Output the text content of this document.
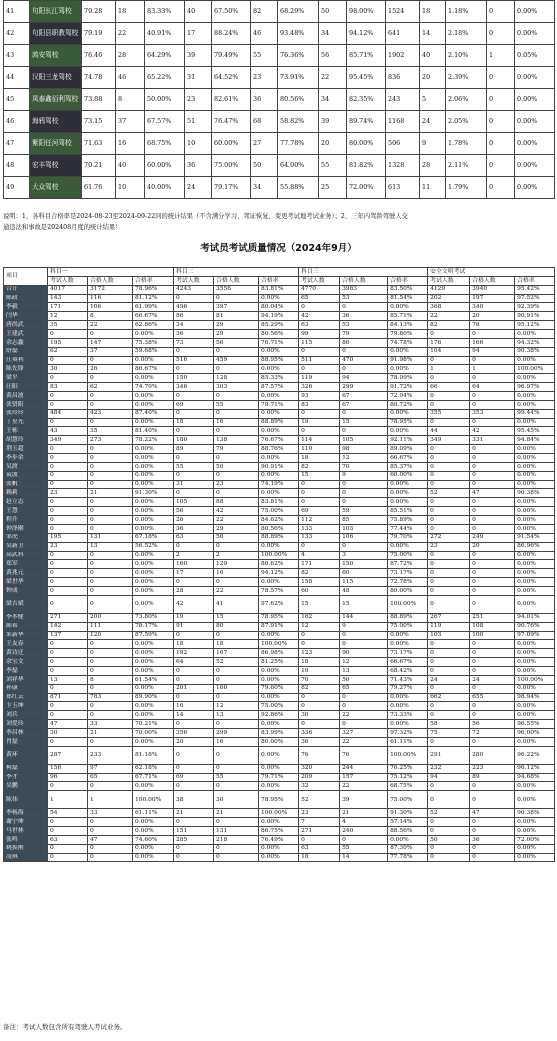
41	句阳长江驾校	79.28	18	83.33%	40	67.50%	82	68.29%	50	98.00%	1524	18	1.18%	0	0.00%
42	句阳县职教驾校	79.19	22	40.91%	17	88.24%	46	93.48%	34	94.12%	641	14	2.18%	0	0.00%
43	鸿安驾校	76.46	28	64.29%	39	79.49%	55	76.36%	56	85.71%	1902	40	2.10%	1	0.05%
44	汉阳三龙驾校	74.78	46	65.22%	31	64.52%	23	73.91%	22	95.45%	836	20	2.39%	0	0.00%
45	凤泰鑫佰利驾校	73.88	8	50.00%	23	82.61%	36	80.56%	34	82.35%	243	5	2.06%	0	0.00%
46	海鸦驾校	73.15	37	67.57%	51	76.47%	68	58.82%	39	89.74%	1168	24	2.05%	0	0.00%
47	紫阳任河驾校	71.63	16	68.75%	10	60.00%	27	77.78%	20	80.00%	506	9	1.78%	0	0.00%
48	宏丰驾校	70.21	40	60.00%	36	75.00%	50	64.00%	55	81.82%	1328	28	2.11%	0	0.00%
49	大众驾校	61.76	10	40.00%	24	79.17%	34	55.88%	25	72.00%	613	11	1.79%	0	0.00%
说明：1、各科目合格率是2024-08-23至2024-09-22同的统计结果（不含满分学习、驾证恢复、变更考试地考试业务）；2、三年内驾龄驾驶人交
通违法和事故是202408月度的统计结果！
考试员考试质量情况（2024年9月）
项目	科目一			科目二			科目三			安全文明考试		
	考试人数	合格人数	合格率	考试人数	合格人数	合格率	考试人数	合格人数	合格率	考试人数	合格人数	合格率
合计	4017	3172	78.96%	4243	3556	83.81%	4770	3983	83.50%	4129	3940	95.42%
陈政	143	116	81.12%	0	0	0.00%	65	53	81.54%	202	197	97.52%
李毅	171	106	61.99%	496	397	80.04%	0	0	0.00%	368	340	92.39%
闫华	12	8	66.67%	86	81	94.19%	42	36	85.71%	22	20	90.91%
唐尚武	35	22	62.86%	34	29	85.29%	63	53	84.13%	82	78	95.12%
王建武	0	0	0.00%	36	29	80.56%	99	79	79.80%	0	0	0.00%
余志鑫	195	147	75.38%	73	56	76.71%	115	86	74.78%	176	166	94.32%
舒磊	62	37	59.68%	0	0	0.00%	0	0	0.00%	104	94	90.38%
汪葵利	0	0	0.00%	516	459	88.95%	511	470	91.98%	0	0	0.00%
陈先锋	30	26	86.67%	0	0	0.00%	0	0	0.00%	1	1	100.00%
梁平	0	0	0.00%	150	128	85.33%	119	94	78.99%	0	0	0.00%
汪阳	83	62	74.70%	346	303	87.57%	326	299	91.72%	66	64	96.97%
黄昌波	0	0	0.00%	0	0	0.00%	93	67	72.04%	0	0	0.00%
张贤阳	0	0	0.00%	69	55	79.71%	83	67	80.72%	0	0	0.00%
张玲玲	484	423	87.40%	0	0	0.00%	0	0	0.00%	355	353	99.44%
丁星光	0	0	0.00%	18	16	88.89%	19	15	78.95%	0	0	0.00%
王栋	43	35	81.40%	0	0	0.00%	0	0	0.00%	44	42	95.45%
胡慧玲	349	273	78.22%	180	138	76.67%	114	105	92.11%	349	331	94.84%
荆玉超	0	0	0.00%	89	79	88.76%	110	98	89.09%	0	0	0.00%
李步余	0	0	0.00%	0	0	0.00%	18	12	66.67%	0	0	0.00%
吴渡	0	0	0.00%	55	50	90.91%	82	70	85.37%	0	0	0.00%
袁波	0	0	0.00%	0	0	0.00%	15	9	60.00%	0	0	0.00%
张帆	0	0	0.00%	31	23	74.19%	0	0	0.00%	0	0	0.00%
赖莉	23	21	91.30%	0	0	0.00%	0	0	0.00%	52	47	90.38%
赵立志	0	0	0.00%	105	88	83.81%	0	0	0.00%	0	0	0.00%
王慧	0	0	0.00%	56	42	75.00%	69	59	85.51%	0	0	0.00%
程升	0	0	0.00%	26	22	84.62%	112	85	75.89%	0	0	0.00%
钟泽刚	0	0	0.00%	36	29	80.56%	133	103	77.44%	0	0	0.00%
邹虎	195	131	67.18%	63	56	88.89%	133	106	79.70%	272	249	91.54%
吴新卫	23	13	56.52%	0	0	0.00%	0	0	0.00%	23	20	86.96%
高武科	0	0	0.00%	2	2	100.00%	4	3	75.00%	0	0	0.00%
郑军	0	0	0.00%	160	129	80.62%	171	150	87.72%	0	0	0.00%
黄兆元	0	0	0.00%	17	16	94.12%	82	60	73.17%	0	0	0.00%
梁世华	0	0	0.00%	0	0	0.00%	158	115	72.78%	0	0	0.00%
钟成	0	0	0.00%	28	22	78.57%	60	48	80.00%	0	0	0.00%
梁吉斌	0	0	0.00%	42	41	97.62%	15	15	100.00%	0	0	0.00%
李本健	271	200	73.80%	19	15	78.95%	162	144	88.89%	267	251	94.01%
陈希	142	111	78.17%	91	80	87.91%	12	9	75.00%	119	108	90.76%
朱新华	137	120	87.59%	0	0	0.00%	0	0	0.00%	103	100	97.09%
王友春	0	0	0.00%	18	18	100.00%	0	0	0.00%	0	0	0.00%
黄诗迁	0	0	0.00%	192	167	86.98%	123	90	73.17%	0	0	0.00%
余宝文	0	0	0.00%	64	52	81.25%	18	12	66.67%	0	0	0.00%
李磊	0	0	0.00%	0	0	0.00%	19	13	68.42%	0	0	0.00%
刘祥华	13	8	61.54%	0	0	0.00%	70	50	71.43%	24	24	100.00%
孙康	0	0	0.00%	201	160	79.60%	82	65	79.27%	0	0	0.00%
郑红云	871	783	89.90%	0	0	0.00%	0	0	0.00%	662	655	98.94%
卞玉坤	0	0	0.00%	16	12	75.00%	0	0	0.00%	0	0	0.00%
刘兵	0	0	0.00%	14	13	92.86%	30	22	73.33%	0	0	0.00%
刘爱玲	47	33	70.21%	0	0	0.00%	0	0	0.00%	58	56	96.55%
李昌林	30	21	70.00%	356	299	83.99%	336	327	97.32%	75	72	96.00%
肖磊	0	0	0.00%	20	16	80.00%	36	22	61.11%	0	0	0.00%
黄环	287	233	81.18%	0	0	0.00%	76	76	100.00%	291	280	96.22%
柯磊	156	97	62.18%	0	0	0.00%	320	244	76.25%	232	223	96.12%
李才	96	65	67.71%	69	55	79.71%	209	157	75.12%	94	89	94.68%
吴鹏	0	0	0.00%	0	0	0.00%	32	22	68.75%	0	0	0.00%
陈伟	1	1	100.00%	38	30	78.95%	52	39	75.00%	0	0	0.00%
李杨海	54	33	61.11%	21	21	100.00%	23	21	91.30%	52	47	90.38%
谢宁坤	0	0	0.00%	0	0	0.00%	7	4	57.14%	0	0	0.00%
马世林	0	0	0.00%	151	131	86.75%	271	240	88.56%	0	0	0.00%
张鸣	63	47	74.60%	285	218	76.49%	0	0	0.00%	50	36	72.00%
姚振刚	0	0	0.00%	0	0	0.00%	63	55	87.30%	0	0	0.00%
凌琪	0	0	0.00%	0	0	0.00%	18	14	77.78%	0	0	0.00%
备注：考试人数包含所有驾驶人考试业务。
